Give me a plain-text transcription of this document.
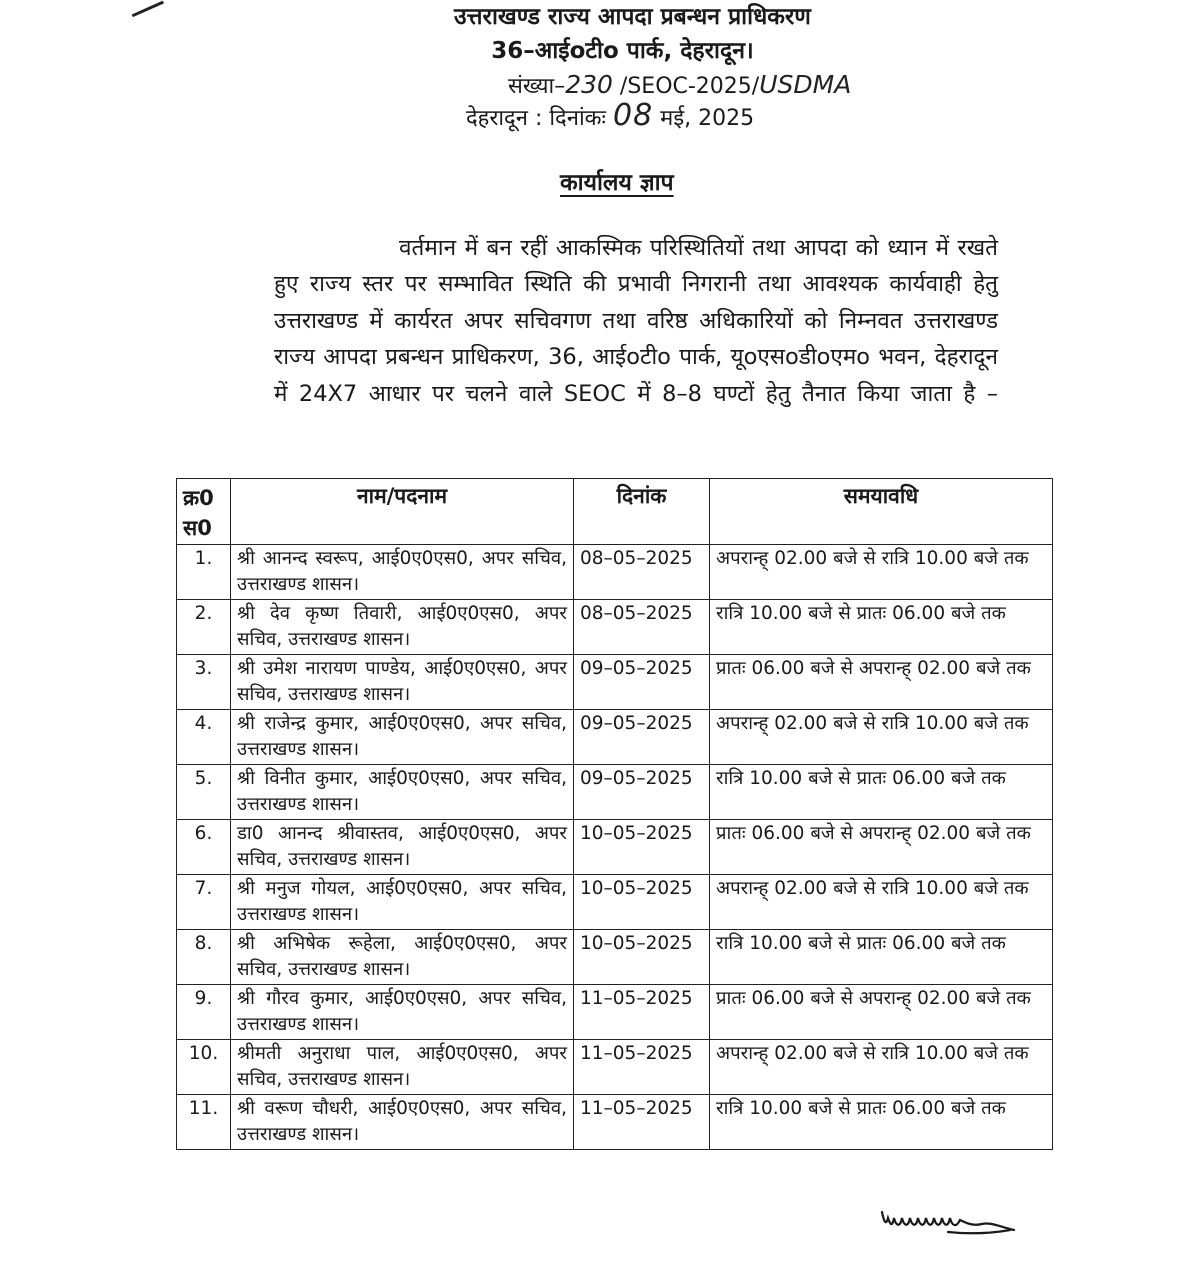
उत्तराखण्ड राज्य आपदा प्रबन्धन प्राधिकरण
36–आईoटीo पार्क, देहरादून।
संख्या–230 /SEOC-2025/USDMA
देहरादून : दिनांकः 08 मई, 2025
कार्यालय ज्ञाप

वर्तमान में बन रहीं आकस्मिक परिस्थितियों तथा आपदा को ध्यान में रखते हुए राज्य स्तर पर सम्भावित स्थिति की प्रभावी निगरानी तथा आवश्यक कार्यवाही हेतु उत्तराखण्ड में कार्यरत अपर सचिवगण तथा वरिष्ठ अधिकारियों को निम्नवत उत्तराखण्ड राज्य आपदा प्रबन्धन प्राधिकरण, 36, आईoटीo पार्क, यूoएसoडीoएमo भवन, देहरादून में 24X7 आधार पर चलने वाले SEOC में 8–8 घण्टों हेतु तैनात किया जाता है –

क्र0
स0	नाम/पदनाम	दिनांक	समयावधि
1.	श्री आनन्द स्वरूप, आई0ए0एस0, अपर सचिव, उत्तराखण्ड शासन।	08–05–2025	अपरान्ह् 02.00 बजे से रात्रि 10.00 बजे तक
2.	श्री देव कृष्ण तिवारी, आई0ए0एस0, अपर सचिव, उत्तराखण्ड शासन।	08–05–2025	रात्रि 10.00 बजे से प्रातः 06.00 बजे तक
3.	श्री उमेश नारायण पाण्डेय, आई0ए0एस0, अपर सचिव, उत्तराखण्ड शासन।	09–05–2025	प्रातः 06.00 बजे से अपरान्ह् 02.00 बजे तक
4.	श्री राजेन्द्र कुमार, आई0ए0एस0, अपर सचिव, उत्तराखण्ड शासन।	09–05–2025	अपरान्ह् 02.00 बजे से रात्रि 10.00 बजे तक
5.	श्री विनीत कुमार, आई0ए0एस0, अपर सचिव, उत्तराखण्ड शासन।	09–05–2025	रात्रि 10.00 बजे से प्रातः 06.00 बजे तक
6.	डा0 आनन्द श्रीवास्तव, आई0ए0एस0, अपर सचिव, उत्तराखण्ड शासन।	10–05–2025	प्रातः 06.00 बजे से अपरान्ह् 02.00 बजे तक
7.	श्री मनुज गोयल, आई0ए0एस0, अपर सचिव, उत्तराखण्ड शासन।	10–05–2025	अपरान्ह् 02.00 बजे से रात्रि 10.00 बजे तक
8.	श्री अभिषेक रूहेला, आई0ए0एस0, अपर सचिव, उत्तराखण्ड शासन।	10–05–2025	रात्रि 10.00 बजे से प्रातः 06.00 बजे तक
9.	श्री गौरव कुमार, आई0ए0एस0, अपर सचिव, उत्तराखण्ड शासन।	11–05–2025	प्रातः 06.00 बजे से अपरान्ह् 02.00 बजे तक
10.	श्रीमती अनुराधा पाल, आई0ए0एस0, अपर सचिव, उत्तराखण्ड शासन।	11–05–2025	अपरान्ह् 02.00 बजे से रात्रि 10.00 बजे तक
11.	श्री वरूण चौधरी, आई0ए0एस0, अपर सचिव, उत्तराखण्ड शासन।	11–05–2025	रात्रि 10.00 बजे से प्रातः 06.00 बजे तक
